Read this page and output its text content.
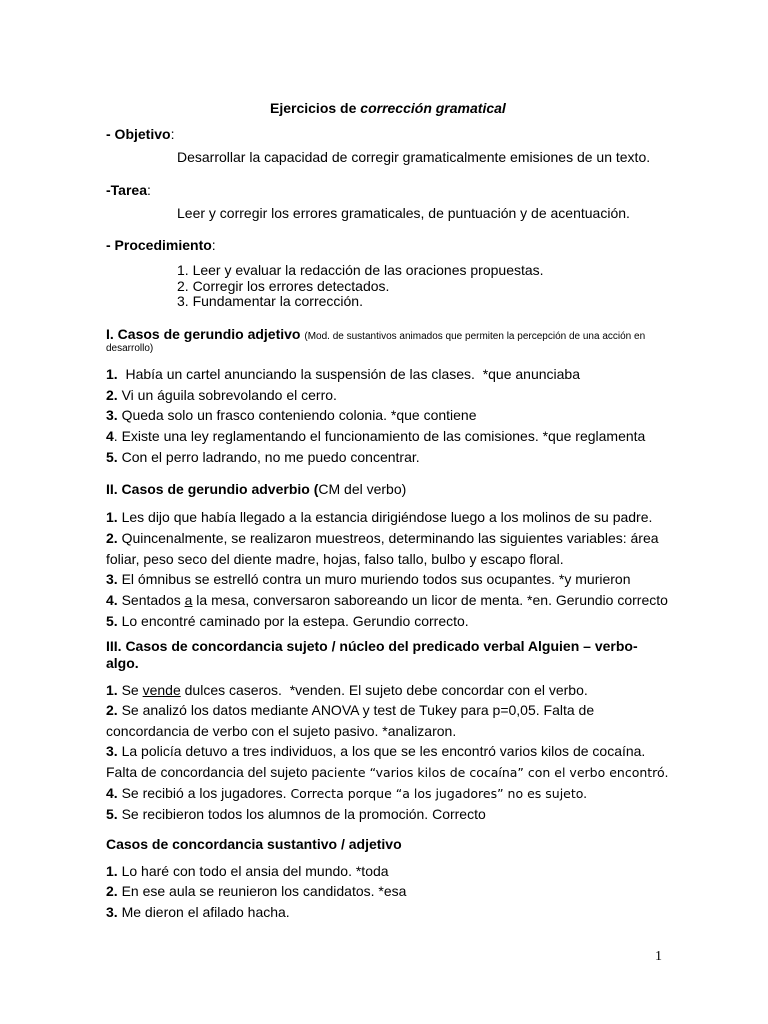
Ejercicios de corrección gramatical
- Objetivo:
Desarrollar la capacidad de corregir gramaticalmente emisiones de un texto.
-Tarea:
Leer y corregir los errores gramaticales, de puntuación y de acentuación.
- Procedimiento:
1. Leer y evaluar la redacción de las oraciones propuestas.
2. Corregir los errores detectados.
3. Fundamentar la corrección.
I. Casos de gerundio adjetivo (Mod. de sustantivos animados que permiten la percepción de una acción en
desarrollo)
1.  Había un cartel anunciando la suspensión de las clases.  *que anunciaba
2. Vi un águila sobrevolando el cerro.
3. Queda solo un frasco conteniendo colonia. *que contiene
4. Existe una ley reglamentando el funcionamiento de las comisiones. *que reglamenta
5. Con el perro ladrando, no me puedo concentrar.
II. Casos de gerundio adverbio (CM del verbo)
1. Les dijo que había llegado a la estancia dirigiéndose luego a los molinos de su padre.
2. Quincenalmente, se realizaron muestreos, determinando las siguientes variables: área
foliar, peso seco del diente madre, hojas, falso tallo, bulbo y escapo floral.
3. El ómnibus se estrelló contra un muro muriendo todos sus ocupantes. *y murieron
4. Sentados a la mesa, conversaron saboreando un licor de menta. *en. Gerundio correcto
5. Lo encontré caminado por la estepa. Gerundio correcto.
III. Casos de concordancia sujeto / núcleo del predicado verbal Alguien – verbo-
algo.
1. Se vende dulces caseros.  *venden. El sujeto debe concordar con el verbo.
2. Se analizó los datos mediante ANOVA y test de Tukey para p=0,05. Falta de
concordancia de verbo con el sujeto pasivo. *analizaron.
3. La policía detuvo a tres individuos, a los que se les encontró varios kilos de cocaína.
Falta de concordancia del sujeto paciente “varios kilos de cocaína” con el verbo encontró.
4. Se recibió a los jugadores. Correcta porque “a los jugadores” no es sujeto.
5. Se recibieron todos los alumnos de la promoción. Correcto
Casos de concordancia sustantivo / adjetivo
1. Lo haré con todo el ansia del mundo. *toda
2. En ese aula se reunieron los candidatos. *esa
3. Me dieron el afilado hacha.
1
